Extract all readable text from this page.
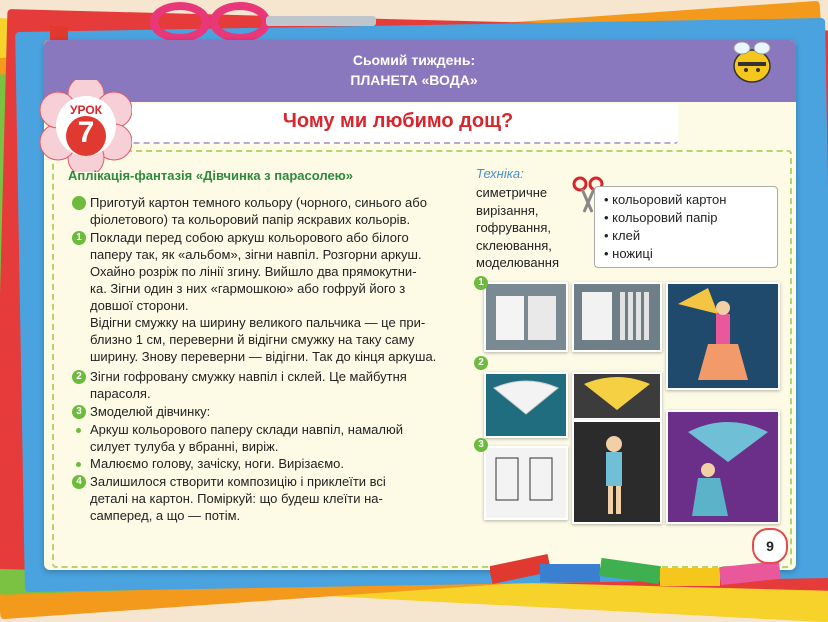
Сьомий тиждень:
ПЛАНЕТА «ВОДА»
Чому ми любимо дощ?
УРОК
7
Аплікація-фантазія «Дівчинка з парасолею»
Приготуй картон темного кольору (чорного, синього або
фіолетового) та кольоровий папір яскравих кольорів.
1 Поклади перед собою аркуш кольорового або білого
паперу так, як «альбом», зігни навпіл. Розгорни аркуш.
Охайно розріж по лінії згину. Вийшло два прямокутни-
ка. Зігни один з них «гармошкою» або гофруй його з
довшої сторони.
Відігни смужку на ширину великого пальчика — це при-
близно 1 см, переверни й відігни смужку на таку саму
ширину. Знову переверни — відігни. Так до кінця аркуша.
2 Зігни гофровану смужку навпіл і склей. Це майбутня
парасоля.
3 Змоделюй дівчинку:
Аркуш кольорового паперу склади навпіл, намалюй
силует тулуба у вбранні, виріж.
Малюємо голову, зачіску, ноги. Вирізаємо.
4 Залишилося створити композицію і приклеїти всі
деталі на картон. Поміркуй: що будеш клеїти на-
самперед, а що — потім.
Техніка:
симетричне
вирізання,
гофрування,
склеювання,
моделювання
• кольоровий картон
• кольоровий папір
• клей
• ножиці
1
2
3
9
